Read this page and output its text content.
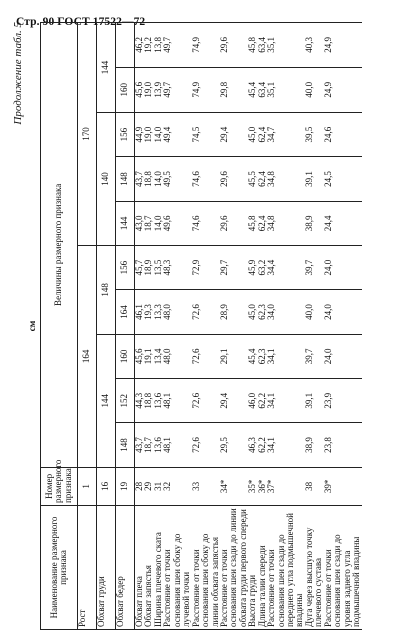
Стр. 90 ГОСТ 17522—72
Продолжение табл. 5
см
Наименование размерного признака	Номер размерного признака	Величины размерного признака									

Рост	1	164					170				
Обхват груди	16	144			148		140			144	
Обхват бедер	19	148	152	160	164	156	144	148	156	160	
Обхват плеча	28	43,7	44,3	45,6	46,1	45,7	43,0	43,7	44,9	45,6	46,2
Обхват запястья	29	18,7	18,8	19,1	19,3	18,9	18,7	18,8	19,0	19,0	19,2
Ширина плечевого ската	31	13,6	13,6	13,4	13,3	13,5	14,0	14,0	14,0	13,9	13,8
Расстояние от точки основания шеи сбоку до лучевой точки	32	48,1	48,1	48,0	48,0	48,3	49,6	49,5	49,4	49,7	49,7
Расстояние от точки основания шеи сбоку до линии обхвата запястья	33	72,6	72,6	72,6	72,6	72,9	74,6	74,6	74,5	74,9	74,9
Расстояние от точки основания шеи сзади до линии обхвата груди первого спереди	34*	29,5	29,4	29,1	28,9	29,7	29,6	29,6	29,4	29,8	29,6
Высота груди	35*	46,3	46,0	45,4	45,0	45,9	45,8	45,5	45,0	45,4	45,8
Длина талии спереди	36*	62,2	62,2	62,3	62,3	63,2	62,4	62,4	62,4	63,4	63,4
Расстояние от точки основания шеи сзади до переднего угла подмышечной впадины	37*	34,1	34,1	34,1	34,0	34,4	34,8	34,8	34,7	35,1	35,1
Дуга через высшую точку плечевого сустава	38	38,9	39,1	39,7	40,0	39,7	38,9	39,1	39,5	40,0	40,3
Расстояние от точки основания шеи сзади до уровня заднего угла подмышечной впадины	39*	23,8	23,9	24,0	24,0	24,0	24,4	24,5	24,6	24,9	24,9
